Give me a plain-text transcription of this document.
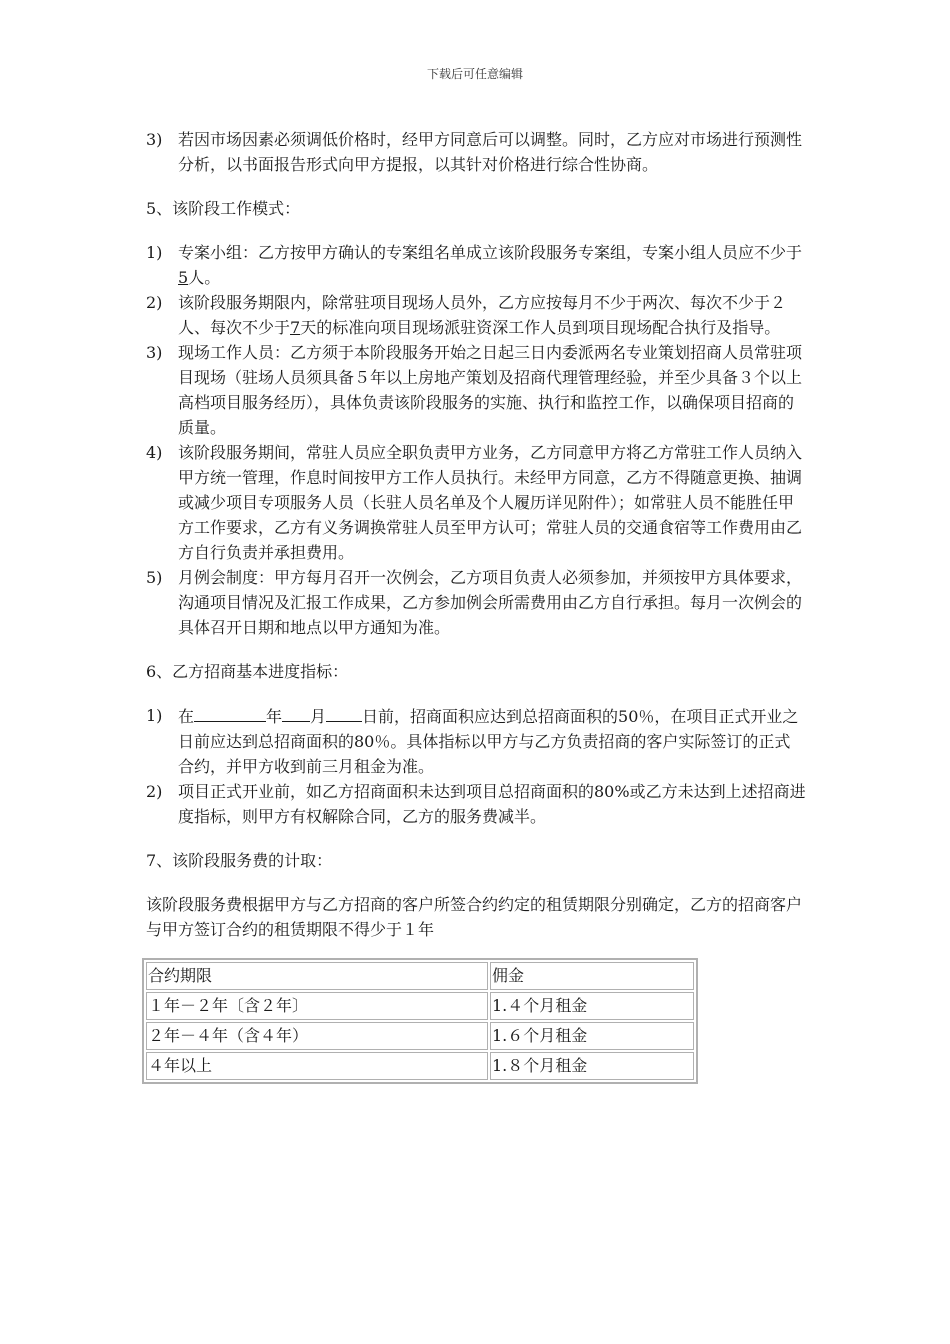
下载后可任意编辑
3) 若因市场因素必须调低价格时，经甲方同意后可以调整。同时，乙方应对市场进行预测性分析，以书面报告形式向甲方提报，以其针对价格进行综合性协商。
5、该阶段工作模式：
1) 专案小组：乙方按甲方确认的专案组名单成立该阶段服务专案组，专案小组人员应不少于5人。
2) 该阶段服务期限内，除常驻项目现场人员外，乙方应按每月不少于两次、每次不少于２人、每次不少于7天的标准向项目现场派驻资深工作人员到项目现场配合执行及指导。
3) 现场工作人员：乙方须于本阶段服务开始之日起三日内委派两名专业策划招商人员常驻项目现场（驻场人员须具备５年以上房地产策划及招商代理管理经验，并至少具备３个以上高档项目服务经历），具体负责该阶段服务的实施、执行和监控工作，以确保项目招商的质量。
4) 该阶段服务期间，常驻人员应全职负责甲方业务，乙方同意甲方将乙方常驻工作人员纳入甲方统一管理，作息时间按甲方工作人员执行。未经甲方同意，乙方不得随意更换、抽调或减少项目专项服务人员（长驻人员名单及个人履历详见附件）；如常驻人员不能胜任甲方工作要求，乙方有义务调换常驻人员至甲方认可；常驻人员的交通食宿等工作费用由乙方自行负责并承担费用。
5) 月例会制度：甲方每月召开一次例会，乙方项目负责人必须参加，并须按甲方具体要求，沟通项目情况及汇报工作成果，乙方参加例会所需费用由乙方自行承担。每月一次例会的具体召开日期和地点以甲方通知为准。
6、乙方招商基本进度指标：
1) 在	年 月 日前，招商面积应达到总招商面积的50％，在项目正式开业之日前应达到总招商面积的80％。具体指标以甲方与乙方负责招商的客户实际签订的正式合约，并甲方收到前三月租金为准。
2) 项目正式开业前，如乙方招商面积未达到项目总招商面积的80%或乙方未达到上述招商进度指标，则甲方有权解除合同，乙方的服务费减半。
7、该阶段服务费的计取：
该阶段服务费根据甲方与乙方招商的客户所签合约约定的租赁期限分别确定，乙方的招商客户与甲方签订合约的租赁期限不得少于１年
合约期限	佣金
１年－２年〔含２年〕	1.４个月租金
２年－４年（含４年）	1.６个月租金
４年以上	1.８个月租金
